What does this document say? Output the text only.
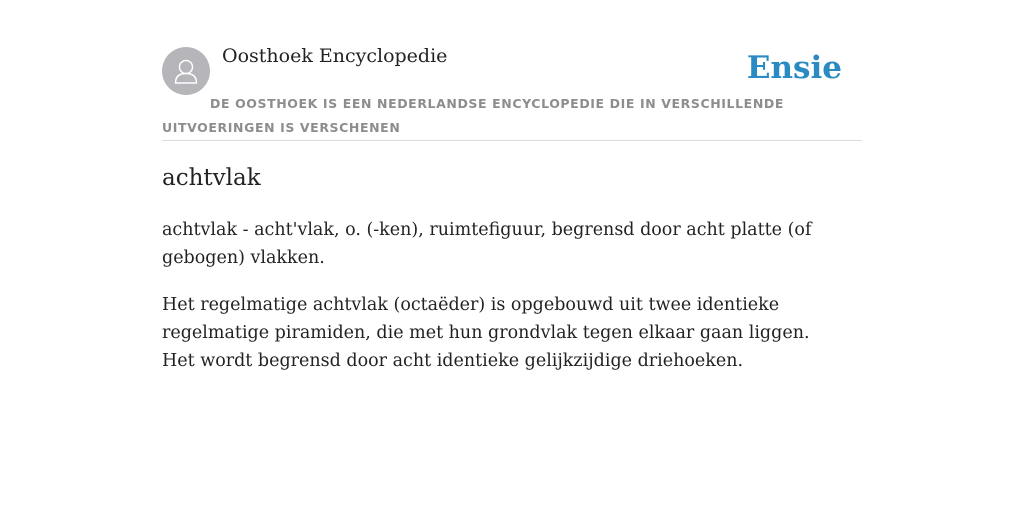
Oosthoek Encyclopedie	Ensie
DE OOSTHOEK IS EEN NEDERLANDSE ENCYCLOPEDIE DIE IN VERSCHILLENDE UITVOERINGEN IS VERSCHENEN
achtvlak

achtvlak - acht'vlak, o. (-ken), ruimtefiguur, begrensd door acht platte (of gebogen) vlakken.

Het regelmatige achtvlak (octaëder) is opgebouwd uit twee identieke regelmatige piramiden, die met hun grondvlak tegen elkaar gaan liggen. Het wordt begrensd door acht identieke gelijkzijdige driehoeken.
